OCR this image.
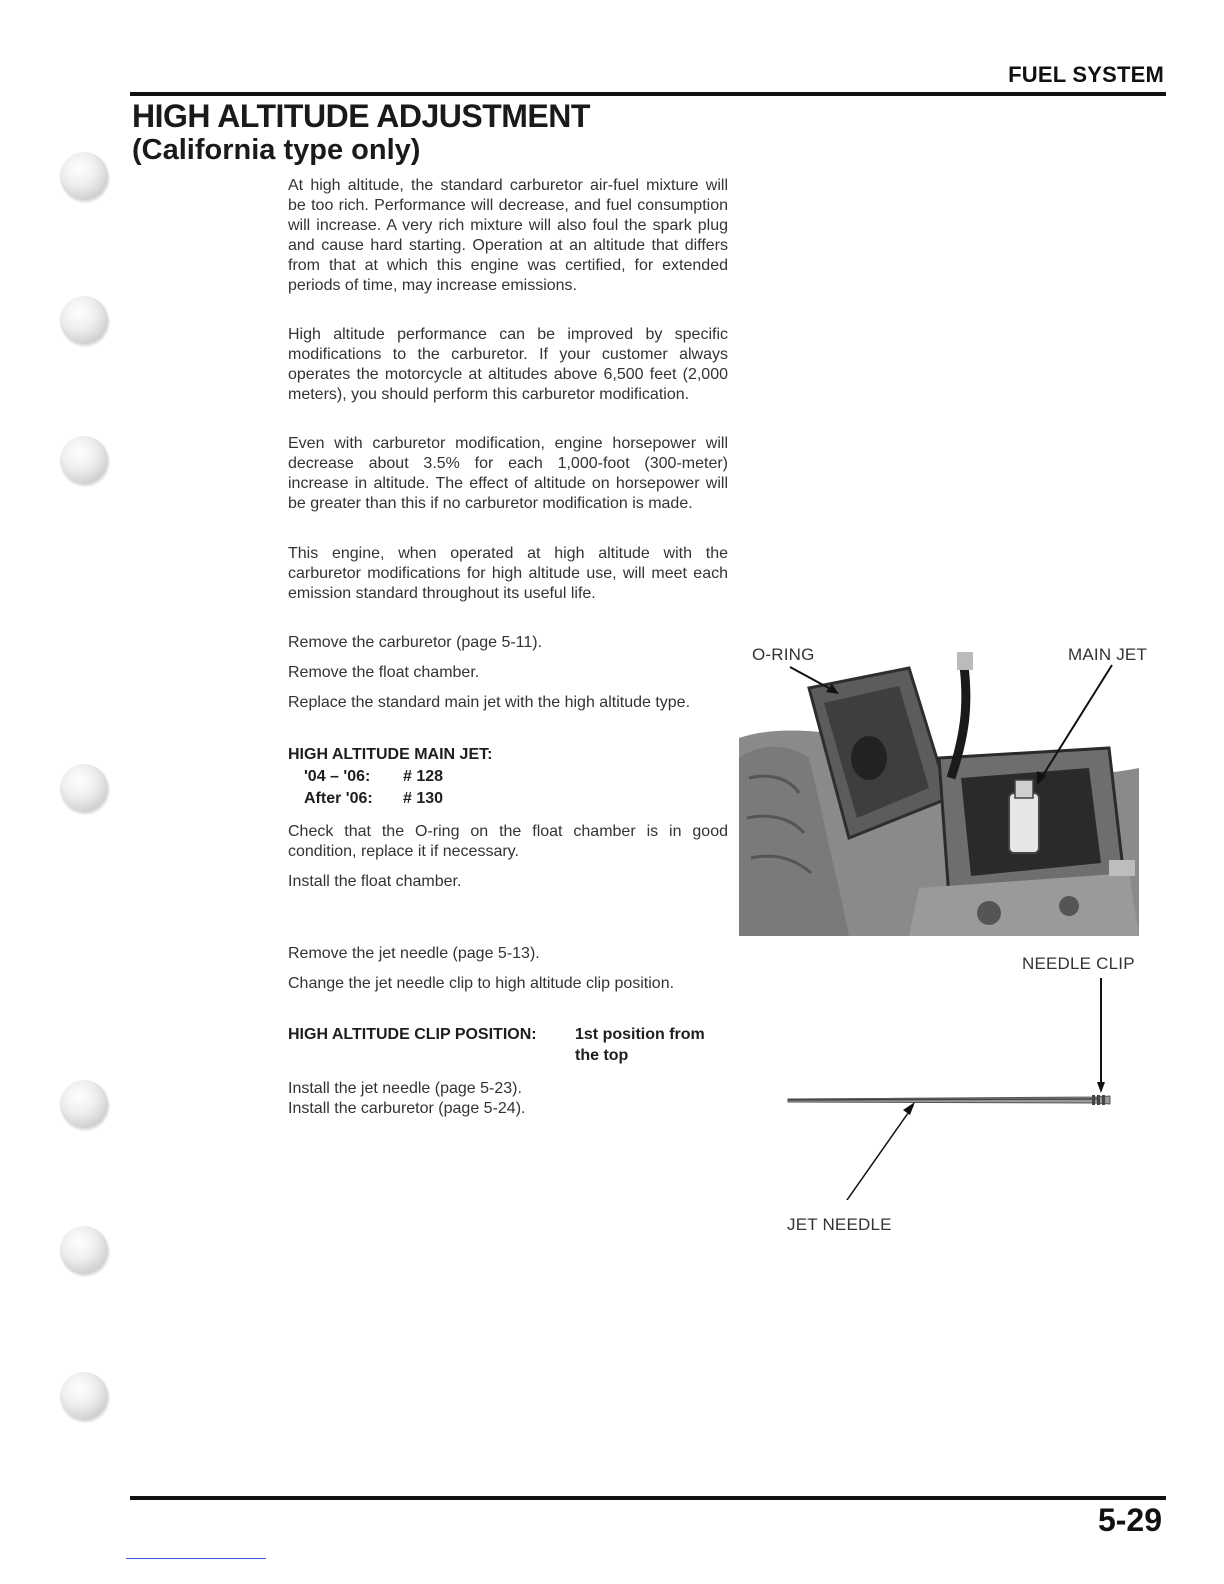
FUEL SYSTEM
HIGH ALTITUDE ADJUSTMENT
(California type only)
At high altitude, the standard carburetor air-fuel mixture will be too rich. Performance will decrease, and fuel consumption will increase. A very rich mixture will also foul the spark plug and cause hard starting. Operation at an altitude that differs from that at which this engine was certified, for extended periods of time, may increase emissions.
High altitude performance can be improved by specific modifications to the carburetor. If your customer always operates the motorcycle at altitudes above 6,500 feet (2,000 meters), you should perform this carburetor modification.
Even with carburetor modification, engine horsepower will decrease about 3.5% for each 1,000-foot (300-meter) increase in altitude. The effect of altitude on horsepower will be greater than this if no carburetor modification is made.
This engine, when operated at high altitude with the carburetor modifications for high altitude use, will meet each emission standard throughout its useful life.
Remove the carburetor (page 5-11).
Remove the float chamber.
Replace the standard main jet with the high altitude type.
HIGH ALTITUDE MAIN JET:
'04 – '06: # 128
After '06: # 130
Check that the O-ring on the float chamber is in good condition, replace it if necessary.
Install the float chamber.
Remove the jet needle (page 5-13).
Change the jet needle clip to high altitude clip position.
HIGH ALTITUDE CLIP POSITION: 1st position from
the top
Install the jet needle (page 5-23).
Install the carburetor (page 5-24).
O-RING	MAIN JET
NEEDLE CLIP
JET NEEDLE
5-29
